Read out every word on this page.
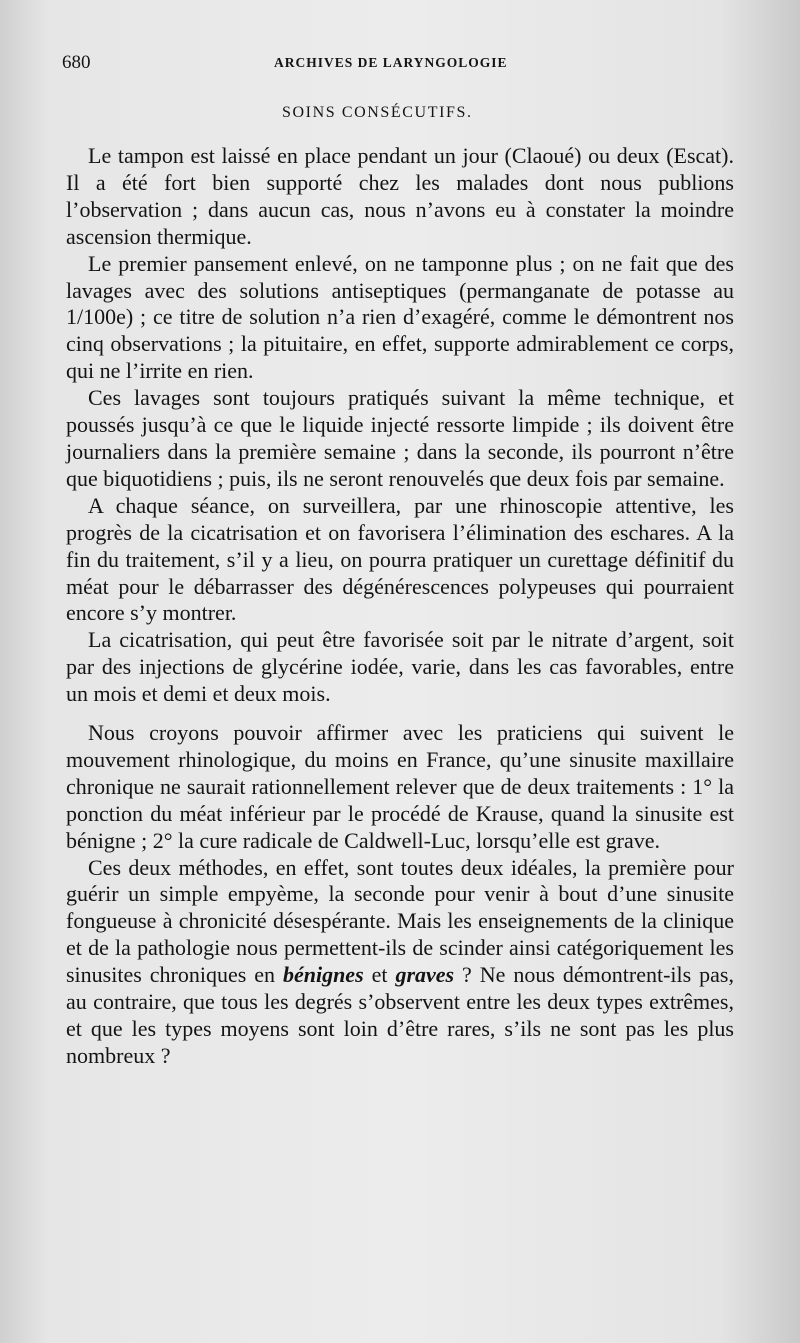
680	ARCHIVES DE LARYNGOLOGIE
SOINS CONSÉCUTIFS.

Le tampon est laissé en place pendant un jour (Claoué) ou deux (Escat). Il a été fort bien supporté chez les malades dont nous publions l’observation ; dans aucun cas, nous n’avons eu à constater la moindre ascension thermique.

Le premier pansement enlevé, on ne tamponne plus ; on ne fait que des lavages avec des solutions antiseptiques (permanganate de potasse au 1/100e) ; ce titre de solution n’a rien d’exagéré, comme le démontrent nos cinq observations ; la pituitaire, en effet, supporte admirablement ce corps, qui ne l’irrite en rien.

Ces lavages sont toujours pratiqués suivant la même technique, et poussés jusqu’à ce que le liquide injecté ressorte limpide ; ils doivent être journaliers dans la première semaine ; dans la seconde, ils pourront n’être que biquotidiens ; puis, ils ne seront renouvelés que deux fois par semaine.

A chaque séance, on surveillera, par une rhinoscopie attentive, les progrès de la cicatrisation et on favorisera l’élimination des eschares. A la fin du traitement, s’il y a lieu, on pourra pratiquer un curettage définitif du méat pour le débarrasser des dégénérescences polypeuses qui pourraient encore s’y montrer.

La cicatrisation, qui peut être favorisée soit par le nitrate d’argent, soit par des injections de glycérine iodée, varie, dans les cas favorables, entre un mois et demi et deux mois.

Nous croyons pouvoir affirmer avec les praticiens qui suivent le mouvement rhinologique, du moins en France, qu’une sinusite maxillaire chronique ne saurait rationnellement relever que de deux traitements : 1° la ponction du méat inférieur par le procédé de Krause, quand la sinusite est bénigne ; 2° la cure radicale de Caldwell-Luc, lorsqu’elle est grave.

Ces deux méthodes, en effet, sont toutes deux idéales, la première pour guérir un simple empyème, la seconde pour venir à bout d’une sinusite fongueuse à chronicité désespérante. Mais les enseignements de la clinique et de la pathologie nous permettent-ils de scinder ainsi catégoriquement les sinusites chroniques en bénignes et graves ? Ne nous démontrent-ils pas, au contraire, que tous les degrés s’observent entre les deux types extrêmes, et que les types moyens sont loin d’être rares, s’ils ne sont pas les plus nombreux ?
